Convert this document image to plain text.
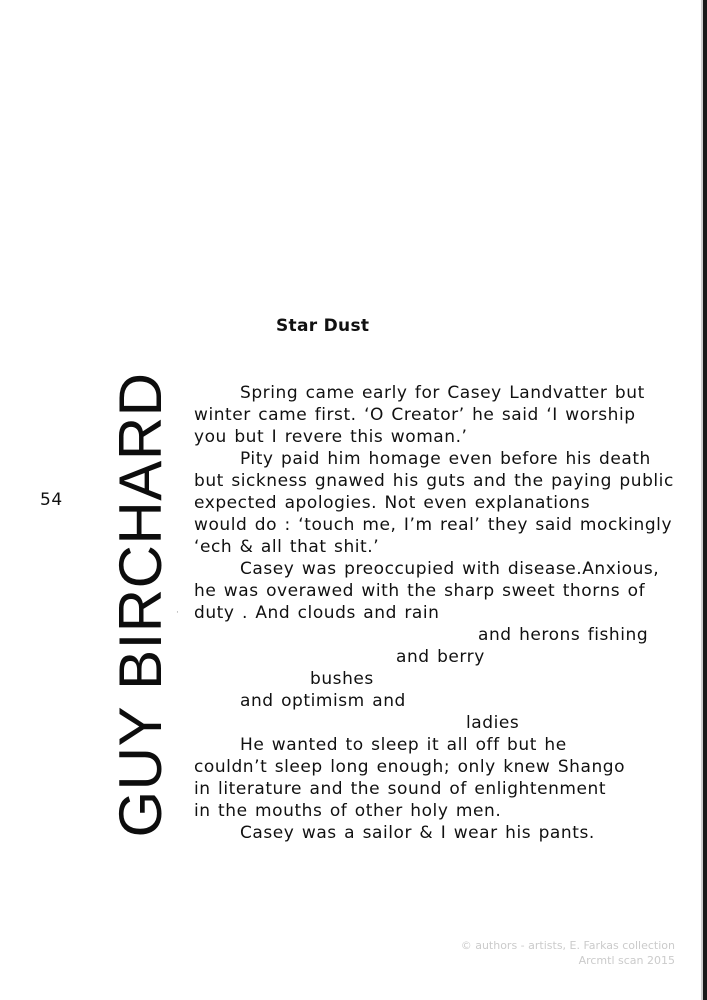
54 GUY BIRCHARD
Star Dust
Spring came early for Casey Landvatter but
winter came first. ‘O Creator’ he said ‘I worship
you but I revere this woman.’
Pity paid him homage even before his death
but sickness gnawed his guts and the paying public
expected apologies. Not even explanations
would do : ‘touch me, I’m real’ they said mockingly
‘ech & all that shit.’
Casey was preoccupied with disease.Anxious,
he was overawed with the sharp sweet thorns of
duty . And clouds and rain
and herons fishing
and berry
bushes
and optimism and
ladies
He wanted to sleep it all off but he
couldn’t sleep long enough; only knew Shango
in literature and the sound of enlightenment
in the mouths of other holy men.
Casey was a sailor & I wear his pants.
·
© authors - artists, E. Farkas collection
Arcmtl scan 2015
